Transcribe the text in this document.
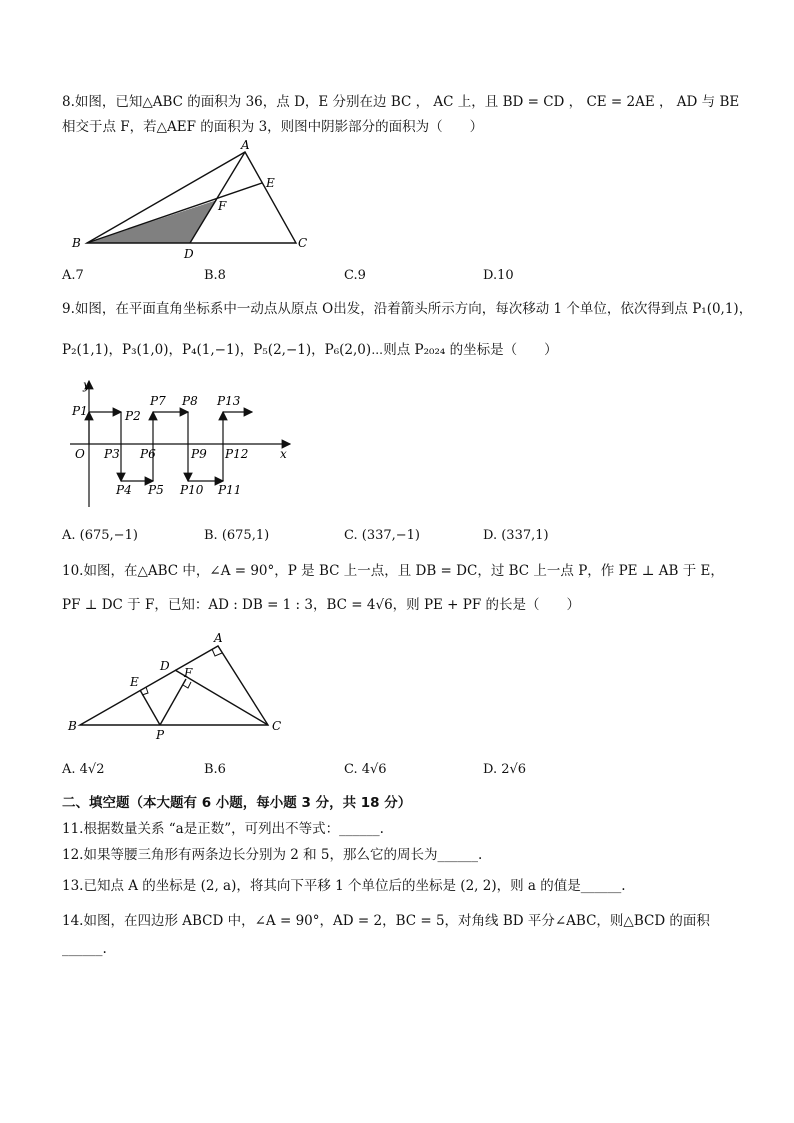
8.如图，已知△ABC 的面积为 36，点 D，E 分别在边 BC ， AC 上，且 BD = CD ， CE = 2AE ， AD 与 BE
相交于点 F，若△AEF 的面积为 3，则图中阴影部分的面积为（　　）
A
B	C
D
E
F
A.7	B.8	C.9	D.10
9.如图，在平面直角坐标系中一动点从原点 O出发，沿着箭头所示方向，每次移动 1 个单位，依次得到点 P₁(0,1)，
P₂(1,1)，P₃(1,0)，P₄(1,−1)，P₅(2,−1)，P₆(2,0)⋯则点 P₂₀₂₄ 的坐标是（　　）
y
x
O
P1	P2
P3
P4 P5
P6
P7 P8
P9
P10 P11
P12
P13
A. (675,−1)	B. (675,1)	C. (337,−1)	D. (337,1)
10.如图，在△ABC 中，∠A = 90°，P 是 BC 上一点，且 DB = DC，过 BC 上一点 P，作 PE ⊥ AB 于 E，
PF ⊥ DC 于 F，已知：AD : DB = 1 : 3，BC = 4√6，则 PE + PF 的长是（　　）
A
B	C
D
E
F
P
A. 4√2	B.6	C. 4√6	D. 2√6
二、填空题（本大题有 6 小题，每小题 3 分，共 18 分）
11.根据数量关系 “a是正数”，可列出不等式：______.
12.如果等腰三角形有两条边长分别为 2 和 5，那么它的周长为______.
13.已知点 A 的坐标是 (2, a)，将其向下平移 1 个单位后的坐标是 (2, 2)，则 a 的值是______.
14.如图，在四边形 ABCD 中，∠A = 90°，AD = 2，BC = 5，对角线 BD 平分∠ABC，则△BCD 的面积
______.
